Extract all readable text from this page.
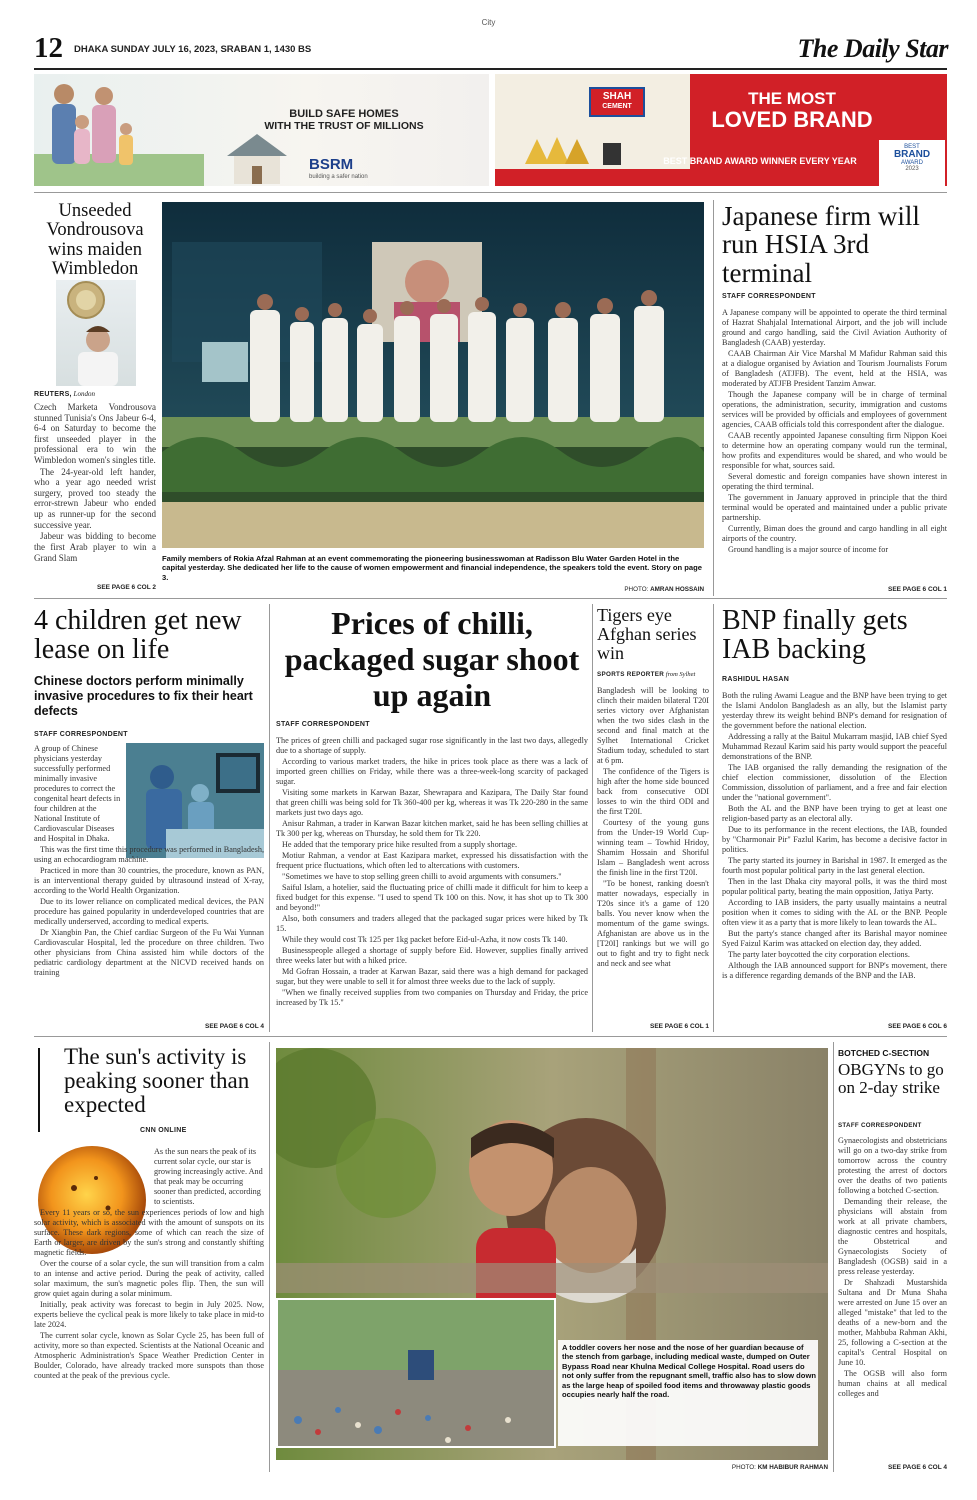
City
12 DHAKA SUNDAY JULY 16, 2023, SRABAN 1, 1430 BS	The Daily Star
BUILD SAFE HOMES
WITH THE TRUST OF MILLIONS
BSRM
building a safer nation
SHAH
CEMENT	THE MOST
LOVED BRAND
BEST BRAND AWARD WINNER EVERY YEAR
BEST
BRAND
AWARD
2023
Unseeded Vondrousova wins maiden Wimbledon
REUTERS, London

Czech Marketa Vondrousova stunned Tunisia's Ons Jabeur 6-4, 6-4 on Saturday to become the first unseeded player in the professional era to win the Wimbledon women's singles title.

The 24-year-old left hander, who a year ago needed wrist surgery, proved too steady the error-strewn Jabeur who ended up as runner-up for the second successive year.

Jabeur was bidding to become the first Arab player to win a Grand Slam

SEE PAGE 6 COL 2
Family members of Rokia Afzal Rahman at an event commemorating the pioneering businesswoman at Radisson Blu Water Garden Hotel in the capital yesterday. She dedicated her life to the cause of women empowerment and financial independence, the speakers told the event. Story on page 3.
PHOTO: AMRAN HOSSAIN
Japanese firm will run HSIA 3rd terminal
STAFF CORRESPONDENT

A Japanese company will be appointed to operate the third terminal of Hazrat Shahjalal International Airport, and the job will include ground and cargo handling, said the Civil Aviation Authority of Bangladesh (CAAB) yesterday.

CAAB Chairman Air Vice Marshal M Mafidur Rahman said this at a dialogue organised by Aviation and Tourism Journalists Forum of Bangladesh (ATJFB). The event, held at the HSIA, was moderated by ATJFB President Tanzim Anwar.

Though the Japanese company will be in charge of terminal operations, the administration, security, immigration and customs services will be provided by officials and employees of government agencies, CAAB officials told this correspondent after the dialogue.

CAAB recently appointed Japanese consulting firm Nippon Koei to determine how an operating company would run the terminal, how profits and expenditures would be shared, and who would be responsible for what, sources said.

Several domestic and foreign companies have shown interest in operating the third terminal.

The government in January approved in principle that the third terminal would be operated and maintained under a public private partnership.

Currently, Biman does the ground and cargo handling in all eight airports of the country.

Ground handling is a major source of income for

SEE PAGE 6 COL 1
4 children get new lease on life
Chinese doctors perform minimally invasive procedures to fix their heart defects
STAFF CORRESPONDENT

A group of Chinese physicians yesterday successfully performed minimally invasive procedures to correct the congenital heart defects in four children at the National Institute of Cardiovascular Diseases and Hospital in Dhaka.

This was the first time this procedure was performed in Bangladesh, using an echocardiogram machine.

Practiced in more than 30 countries, the procedure, known as PAN, is an interventional therapy guided by ultrasound instead of X-ray, according to the World Health Organization.

Due to its lower reliance on complicated medical devices, the PAN procedure has gained popularity in underdeveloped countries that are medically underserved, according to medical experts.

Dr Xiangbin Pan, the Chief cardiac Surgeon of the Fu Wai Yunnan Cardiovascular Hospital, led the procedure on three children. Two other physicians from China assisted him while doctors of the pediatric cardiology department at the NICVD received hands on training

SEE PAGE 6 COL 4
Prices of chilli, packaged sugar shoot up again
STAFF CORRESPONDENT

The prices of green chilli and packaged sugar rose significantly in the last two days, allegedly due to a shortage of supply.

According to various market traders, the hike in prices took place as there was a lack of imported green chillies on Friday, while there was a three-week-long scarcity of packaged sugar.

Visiting some markets in Karwan Bazar, Shewrapara and Kazipara, The Daily Star found that green chilli was being sold for Tk 360-400 per kg, whereas it was Tk 220-280 in the same markets just two days ago.

Anisur Rahman, a trader in Karwan Bazar kitchen market, said he has been selling chillies at Tk 300 per kg, whereas on Thursday, he sold them for Tk 220.

He added that the temporary price hike resulted from a supply shortage.

Motiur Rahman, a vendor at East Kazipara market, expressed his dissatisfaction with the frequent price fluctuations, which often led to altercations with customers.

"Sometimes we have to stop selling green chilli to avoid arguments with consumers."

Saiful Islam, a hotelier, said the fluctuating price of chilli made it difficult for him to keep a fixed budget for this expense. "I used to spend Tk 100 on this. Now, it has shot up to Tk 300 and beyond!"

Also, both consumers and traders alleged that the packaged sugar prices were hiked by Tk 15.

While they would cost Tk 125 per 1kg packet before Eid-ul-Azha, it now costs Tk 140.

Businesspeople alleged a shortage of supply before Eid. However, supplies finally arrived three weeks later but with a hiked price.

Md Gofran Hossain, a trader at Karwan Bazar, said there was a high demand for packaged sugar, but they were unable to sell it for almost three weeks due to the lack of supply.

"When we finally received supplies from two companies on Thursday and Friday, the price increased by Tk 15."

Tigers eye Afghan series win
SPORTS REPORTER from Sylhet

Bangladesh will be looking to clinch their maiden bilateral T20I series victory over Afghanistan when the two sides clash in the second and final match at the Sylhet International Cricket Stadium today, scheduled to start at 6 pm.

The confidence of the Tigers is high after the home side bounced back from consecutive ODI losses to win the third ODI and the first T20I.

Courtesy of the young guns from the Under-19 World Cup-winning team – Towhid Hridoy, Shamim Hossain and Shoriful Islam – Bangladesh went across the finish line in the first T20I.

"To be honest, ranking doesn't matter nowadays, especially in T20s since it's a game of 120 balls. You never know when the momentum of the game swings. Afghanistan are above us in the [T20I] rankings but we will go out to fight and try to fight neck and neck and see what

SEE PAGE 6 COL 1
BNP finally gets IAB backing
RASHIDUL HASAN

Both the ruling Awami League and the BNP have been trying to get the Islami Andolon Bangladesh as an ally, but the Islamist party yesterday threw its weight behind BNP's demand for resignation of the government before the national election.

Addressing a rally at the Baitul Mukarram masjid, IAB chief Syed Muhammad Rezaul Karim said his party would support the peaceful demonstrations of the BNP.

The IAB organised the rally demanding the resignation of the chief election commissioner, dissolution of the Election Commission, dissolution of parliament, and a free and fair election under the "national government".

Both the AL and the BNP have been trying to get at least one religion-based party as an electoral ally.

Due to its performance in the recent elections, the IAB, founded by "Charmonair Pir" Fazlul Karim, has become a decisive factor in politics.

The party started its journey in Barishal in 1987. It emerged as the fourth most popular political party in the last general election.

Then in the last Dhaka city mayoral polls, it was the third most popular political party, beating the main opposition, Jatiya Party.

According to IAB insiders, the party usually maintains a neutral position when it comes to siding with the AL or the BNP. People often view it as a party that is more likely to lean towards the AL.

But the party's stance changed after its Barishal mayor nominee Syed Faizul Karim was attacked on election day, they added.

The party later boycotted the city corporation elections.

Although the IAB announced support for BNP's movement, there is a difference regarding demands of the BNP and the IAB.

SEE PAGE 6 COL 6
The sun's activity is peaking sooner than expected
CNN ONLINE

As the sun nears the peak of its current solar cycle, our star is growing increasingly active. And that peak may be occurring sooner than predicted, according to scientists.

Every 11 years or so, the sun experiences periods of low and high solar activity, which is associated with the amount of sunspots on its surface. These dark regions, some of which can reach the size of Earth or larger, are driven by the sun's strong and constantly shifting magnetic fields.

Over the course of a solar cycle, the sun will transition from a calm to an intense and active period. During the peak of activity, called solar maximum, the sun's magnetic poles flip. Then, the sun will grow quiet again during a solar minimum.

Initially, peak activity was forecast to begin in July 2025. Now, experts believe the cyclical peak is more likely to take place in mid-to late 2024.

The current solar cycle, known as Solar Cycle 25, has been full of activity, more so than expected. Scientists at the National Oceanic and Atmospheric Administration's Space Weather Prediction Center in Boulder, Colorado, have already tracked more sunspots than those counted at the peak of the previous cycle.

A toddler covers her nose and the nose of her guardian because of the stench from garbage, including medical waste, dumped on Outer Bypass Road near Khulna Medical College Hospital. Road users do not only suffer from the repugnant smell, traffic also has to slow down as the large heap of spoiled food items and throwaway plastic goods occupies nearly half the road.
PHOTO: KM HABIBUR RAHMAN
BOTCHED C-SECTION
OBGYNs to go on 2-day strike
STAFF CORRESPONDENT

Gynaecologists and obstetricians will go on a two-day strike from tomorrow across the country protesting the arrest of doctors over the deaths of two patients following a botched C-section.

Demanding their release, the physicians will abstain from work at all private chambers, diagnostic centres and hospitals, the Obstetrical and Gynaecologists Society of Bangladesh (OGSB) said in a press release yesterday.

Dr Shahzadi Mustarshida Sultana and Dr Muna Shaha were arrested on June 15 over an alleged "mistake" that led to the deaths of a new-born and the mother, Mahbuba Rahman Akhi, 25, following a C-section at the capital's Central Hospital on June 10.

The OGSB will also form human chains at all medical colleges and

SEE PAGE 6 COL 4
